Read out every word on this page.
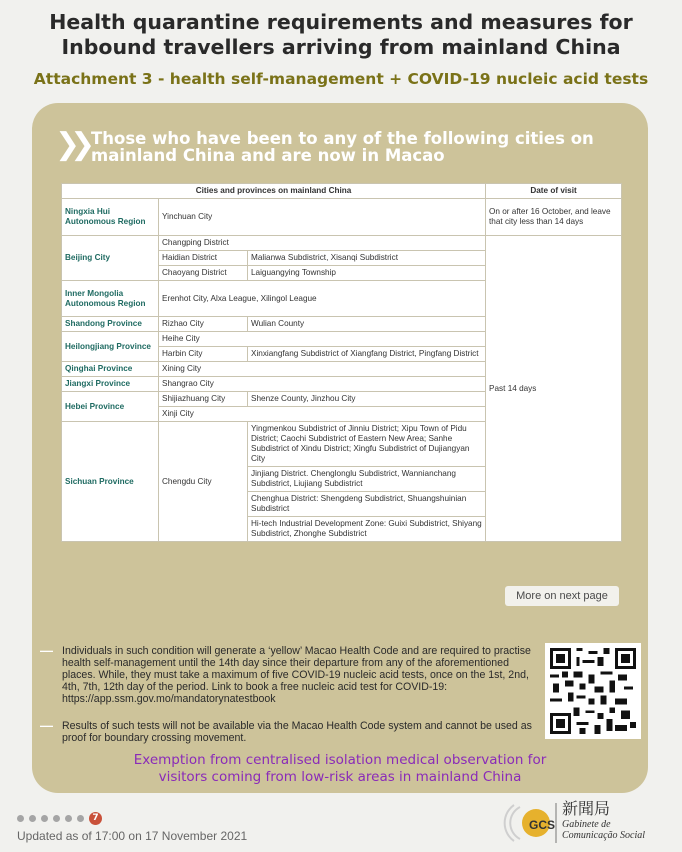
Health quarantine requirements and measures for
Inbound travellers arriving from mainland China
Attachment 3 - health self-management + COVID-19 nucleic acid tests
❯❯ Those who have been to any of the following cities on
mainland China and are now in Macao
Cities and provinces on mainland China			Date of visit
Ningxia Hui Autonomous Region	Yinchuan City		On or after 16 October, and leave that city less than 14 days
Beijing City	Changping District		Past 14 days
	Haidian District	Malianwa Subdistrict, Xisanqi Subdistrict	
	Chaoyang District	Laiguangying Township	
Inner Mongolia Autonomous Region	Erenhot City, Alxa League, Xilingol League		
Shandong Province	Rizhao City	Wulian County	
Heilongjiang Province	Heihe City		
	Harbin City	Xinxiangfang Subdistrict of Xiangfang District, Pingfang District	
Qinghai Province	Xining City		
Jiangxi Province	Shangrao City		
Hebei Province	Shijiazhuang City	Shenze County, Jinzhou City	
	Xinji City		
Sichuan Province	Chengdu City	Yingmenkou Subdistrict of Jinniu District; Xipu Town of Pidu District; Caochi Subdistrict of Eastern New Area; Sanhe Subdistrict of Xindu District; Xingfu Subdistrict of Dujiangyan City	
		Jinjiang District. Chenglonglu Subdistrict, Wannianchang Subdistrict, Liujiang Subdistrict	
		Chenghua District: Shengdeng Subdistrict, Shuangshuinian Subdistrict	
		Hi-tech Industrial Development Zone: Guixi Subdistrict, Shiyang Subdistrict, Zhonghe Subdistrict	
More on next page
— Individuals in such condition will generate a ‘yellow’ Macao Health Code and are required to practise health self-management until the 14th day since their departure from any of the aforementioned places. While, they must take a maximum of five COVID-19 nucleic acid tests, once on the 1st, 2nd, 4th, 7th, 12th day of the period. Link to book a free nucleic acid test for COVID-19: https://app.ssm.gov.mo/mandatorynatestbook
— Results of such tests will not be available via the Macao Health Code system and cannot be used as proof for boundary crossing movement.
Exemption from centralised isolation medical observation for
visitors coming from low-risk areas in mainland China
7
Updated as of 17:00 on 17 November 2021
GCS
新聞局
Gabinete de
Comunicação Social
